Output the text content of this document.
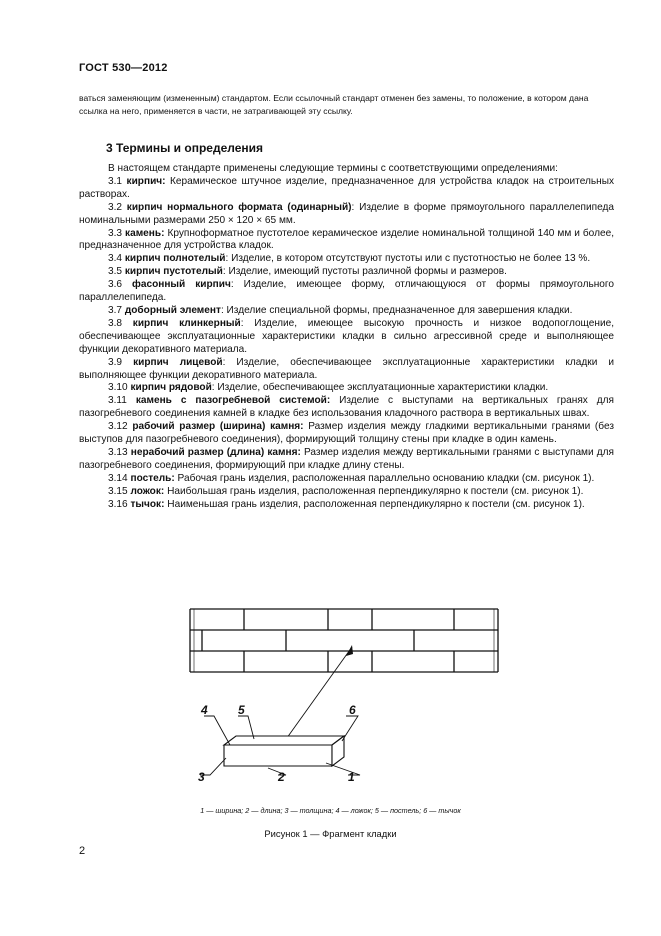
ГОСТ 530—2012
ваться заменяющим (измененным) стандартом. Если ссылочный стандарт отменен без замены, то положение, в котором дана ссылка на него, применяется в части, не затрагивающей эту ссылку.
3 Термины и определения

В настоящем стандарте применены следующие термины с соответствующими определениями:

3.1 кирпич: Керамическое штучное изделие, предназначенное для устройства кладок на строительных растворах.

3.2 кирпич нормального формата (одинарный): Изделие в форме прямоугольного параллелепипеда номинальными размерами 250 × 120 × 65 мм.

3.3 камень: Крупноформатное пустотелое керамическое изделие номинальной толщиной 140 мм и более, предназначенное для устройства кладок.

3.4 кирпич полнотелый: Изделие, в котором отсутствуют пустоты или с пустотностью не более 13 %.

3.5 кирпич пустотелый: Изделие, имеющий пустоты различной формы и размеров.

3.6 фасонный кирпич: Изделие, имеющее форму, отличающуюся от формы прямоугольного параллелепипеда.

3.7 доборный элемент: Изделие специальной формы, предназначенное для завершения кладки.

3.8 кирпич клинкерный: Изделие, имеющее высокую прочность и низкое водопоглощение, обеспечивающее эксплуатационные характеристики кладки в сильно агрессивной среде и выполняющее функции декоративного материала.

3.9 кирпич лицевой: Изделие, обеспечивающее эксплуатационные характеристики кладки и выполняющее функции декоративного материала.

3.10 кирпич рядовой: Изделие, обеспечивающее эксплуатационные характеристики кладки.

3.11 камень с пазогребневой системой: Изделие с выступами на вертикальных гранях для пазогребневого соединения камней в кладке без использования кладочного раствора в вертикальных швах.

3.12 рабочий размер (ширина) камня: Размер изделия между гладкими вертикальными гранями (без выступов для пазогребневого соединения), формирующий толщину стены при кладке в один камень.

3.13 нерабочий размер (длина) камня: Размер изделия между вертикальными гранями с выступами для пазогребневого соединения, формирующий при кладке длину стены.

3.14 постель: Рабочая грань изделия, расположенная параллельно основанию кладки (см. рисунок 1).

3.15 ложок: Наибольшая грань изделия, расположенная перпендикулярно к постели (см. рисунок 1).

3.16 тычок: Наименьшая грань изделия, расположенная перпендикулярно к постели (см. рисунок 1).

4	5	6
3	2	1
1 — ширина; 2 — длина; 3 — толщина; 4 — ложок; 5 — постель; 6 — тычок
Рисунок 1 — Фрагмент кладки
2
